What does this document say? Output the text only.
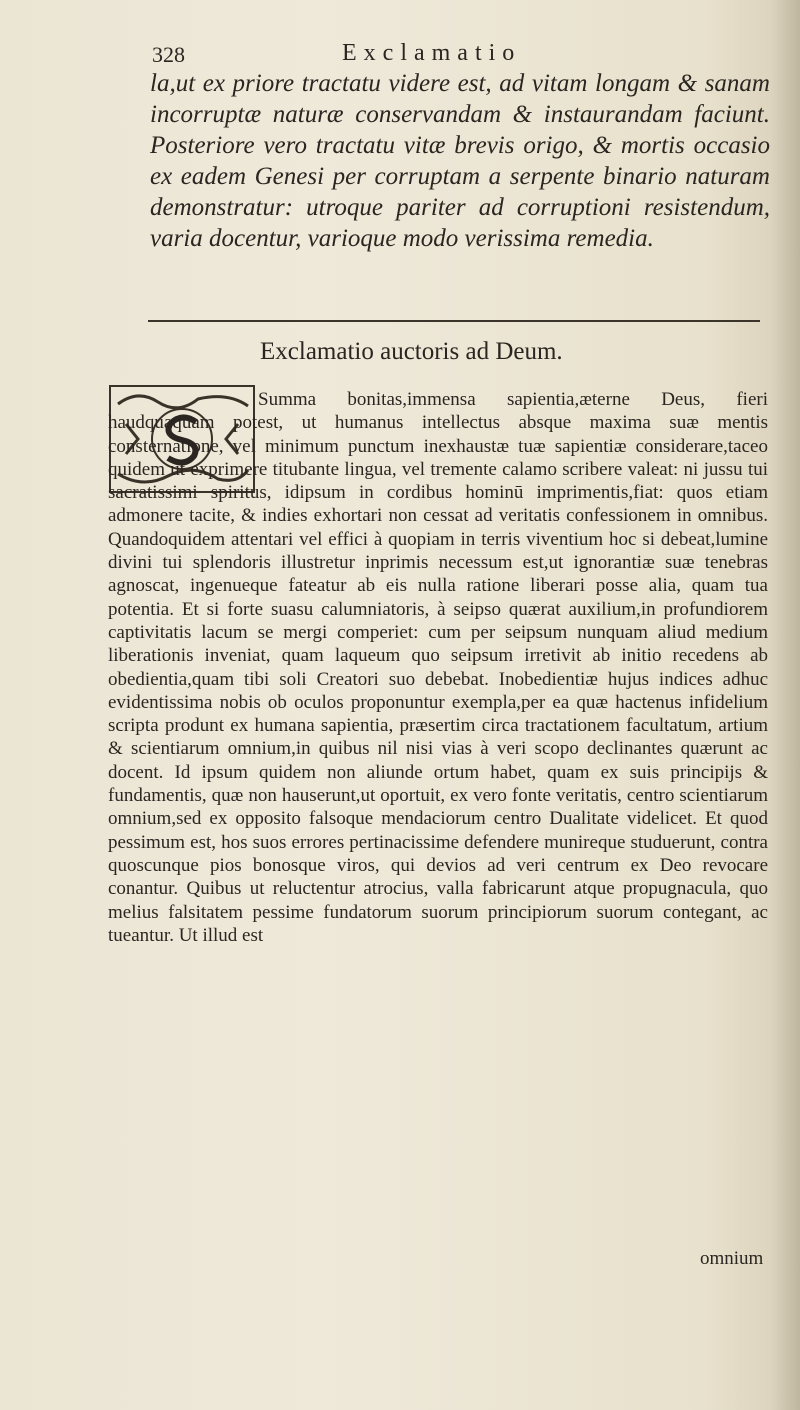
328	Exclamatio
la,ut ex priore tractatu videre est, ad vitam longam & sanam incorruptæ naturæ conservandam & instaurandam faciunt. Posteriore vero tractatu vitæ brevis origo, & mortis occasio ex eadem Genesi per corruptam a serpente binario naturam demonstratur: utroque pariter ad corruptioni resistendum, varia docentur, varioque modo verissima remedia.
Exclamatio auctoris ad Deum.

Summa bonitas,immensa sapientia,æterne Deus, fieri haudquaquam potest, ut humanus intellectus absque maxima suæ mentis consternatione, vel minimum punctum inexhaustæ tuæ sapientiæ considerare,taceo quidem ut exprimere titubante lingua, vel tremente calamo scribere valeat: ni jussu tui sacratissimi spiritus, idipsum in cordibus hominū imprimentis,fiat: quos etiam admonere tacite, & indies exhortari non cessat ad veritatis confessionem in omnibus. Quandoquidem attentari vel effici à quopiam in terris viventium hoc si debeat,lumine divini tui splendoris illustretur inprimis necessum est,ut ignorantiæ suæ tenebras agnoscat, ingenueque fateatur ab eis nulla ratione liberari posse alia, quam tua potentia. Et si forte suasu calumniatoris, à seipso quærat auxilium,in profundiorem captivitatis lacum se mergi comperiet: cum per seipsum nunquam aliud medium liberationis inveniat, quam laqueum quo seipsum irretivit ab initio recedens ab obedientia,quam tibi soli Creatori suo debebat. Inobedientiæ hujus indices adhuc evidentissima nobis ob oculos proponuntur exempla,per ea quæ hactenus infidelium scripta produnt ex humana sapientia, præsertim circa tractationem facultatum, artium & scientiarum omnium,in quibus nil nisi vias à veri scopo declinantes quærunt ac docent. Id ipsum quidem non aliunde ortum habet, quam ex suis principijs & fundamentis, quæ non hauserunt,ut oportuit, ex vero fonte veritatis, centro scientiarum omnium,sed ex opposito falsoque mendaciorum centro Dualitate videlicet. Et quod pessimum est, hos suos errores pertinacissime defendere munireque studuerunt, contra quoscunque pios bonosque viros, qui devios ad veri centrum ex Deo revocare conantur. Quibus ut reluctentur atrocius, valla fabricarunt atque propugnacula, quo melius falsitatem pessime fundatorum suorum principiorum suorum contegant, ac tueantur. Ut illud est

omnium
